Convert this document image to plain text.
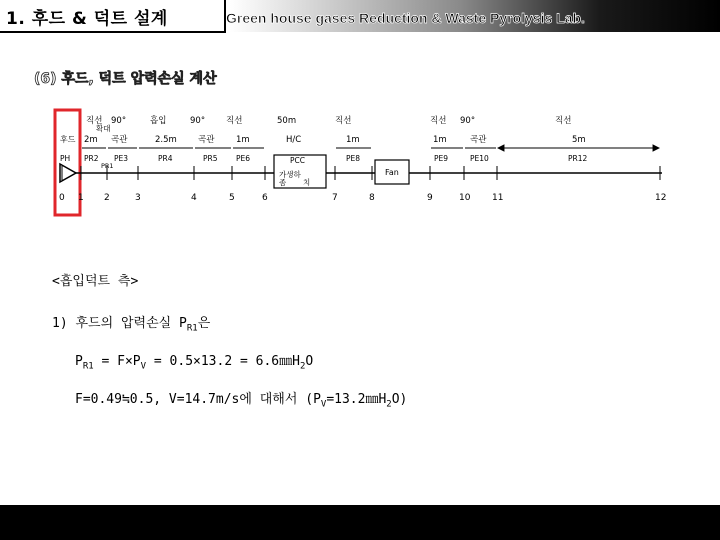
1. 후드 & 덕트 설계
(6) 후드, 덕트 압력손실 계산
직선 90°	흡입	90° 직선	50m	직선	직선 90°	직선
2m 곡관	2.5m 곡관	1m	H/C	1m	1m	곡관	5m
후드
확대
가생하
좀 치
Fan
PH PR2 PE3	PR4	PR5 PE6	PCC	PE8	PE9	PE10	PR12
PR1
0 1 2	3	4	5	6	7	8	9	10 11	12
<흡입덕트 측>
1) 후드의 압력손실 $P_{R1}$은
$P_{R1} = F\times P_V = 0.5\times 13.2$ = $6.6㎜H_2O$
F=0.49≒0.5, V=14.7m/s에 대해서 $(P_V=13.2㎜H_2O)$
Green house gases Reduction & Waste Pyrolysis Lab.
